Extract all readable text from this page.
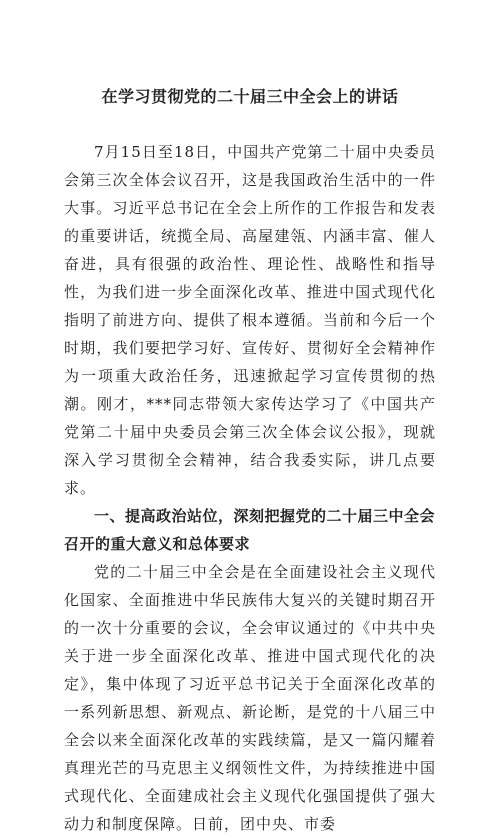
在学习贯彻党的二十届三中全会上的讲话

7月15日至18日，中国共产党第二十届中央委员会第三次全体会议召开，这是我国政治生活中的一件大事。习近平总书记在全会上所作的工作报告和发表的重要讲话，统揽全局、高屋建瓴、内涵丰富、催人奋进，具有很强的政治性、理论性、战略性和指导性，为我们进一步全面深化改革、推进中国式现代化指明了前进方向、提供了根本遵循。当前和今后一个时期，我们要把学习好、宣传好、贯彻好全会精神作为一项重大政治任务，迅速掀起学习宣传贯彻的热潮。刚才，***同志带领大家传达学习了《中国共产党第二十届中央委员会第三次全体会议公报》，现就深入学习贯彻全会精神，结合我委实际，讲几点要求。

一、提高政治站位，深刻把握党的二十届三中全会召开的重大意义和总体要求

党的二十届三中全会是在全面建设社会主义现代化国家、全面推进中华民族伟大复兴的关键时期召开的一次十分重要的会议，全会审议通过的《中共中央关于进一步全面深化改革、推进中国式现代化的决定》，集中体现了习近平总书记关于全面深化改革的一系列新思想、新观点、新论断，是党的十八届三中全会以来全面深化改革的实践续篇，是又一篇闪耀着真理光芒的马克思主义纲领性文件，为持续推进中国式现代化、全面建成社会主义现代化强国提供了强大动力和制度保障。日前，团中央、市委
